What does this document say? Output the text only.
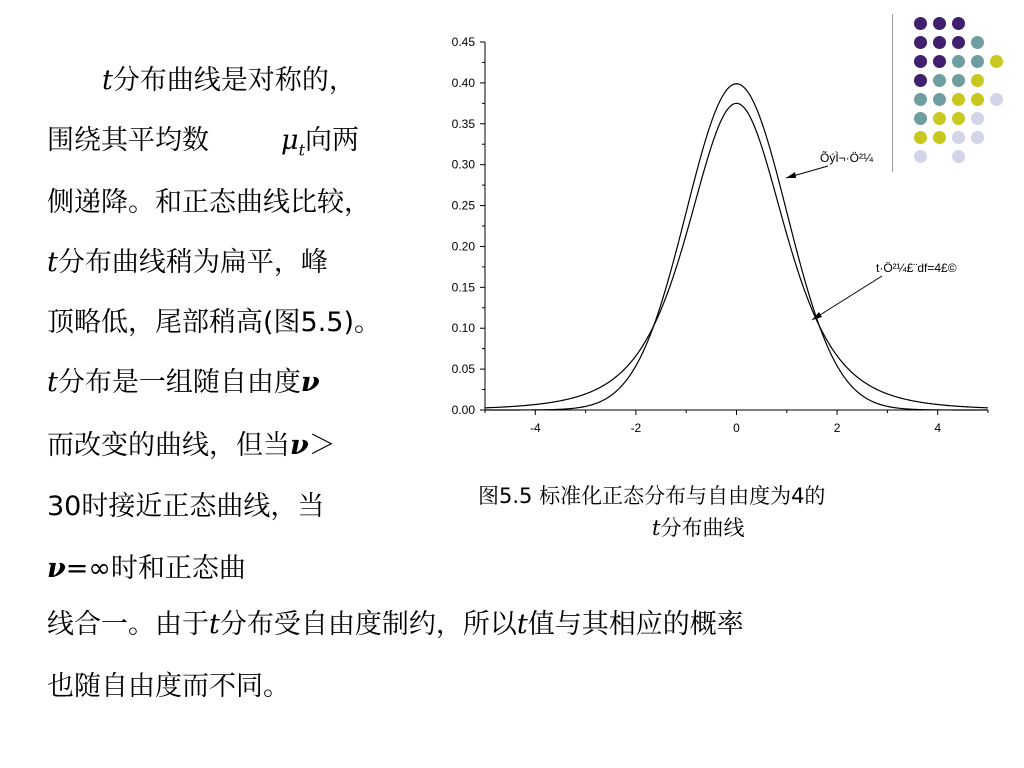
t分布曲线是对称的，
围绕其平均数	$\mu_t$向两
侧递降。和正态曲线比较，
t分布曲线稍为扁平，峰
顶略低，尾部稍高(图5.5)。
t分布是一组随自由度ν
而改变的曲线，但当ν＞
30时接近正态曲线，当
ν=∞时和正态曲
线合一。由于t分布受自由度制约，所以t值与其相应的概率
也随自由度而不同。
0.00
0.05
0.10
0.15
0.20
0.25
0.30
0.35
0.40
0.45
-4	-2	0	2	4
ÕýÌ¬·Ö²¼
t·Ö²¼£¨df=4£©
图5.5 标准化正态分布与自由度为4的
t分布曲线
